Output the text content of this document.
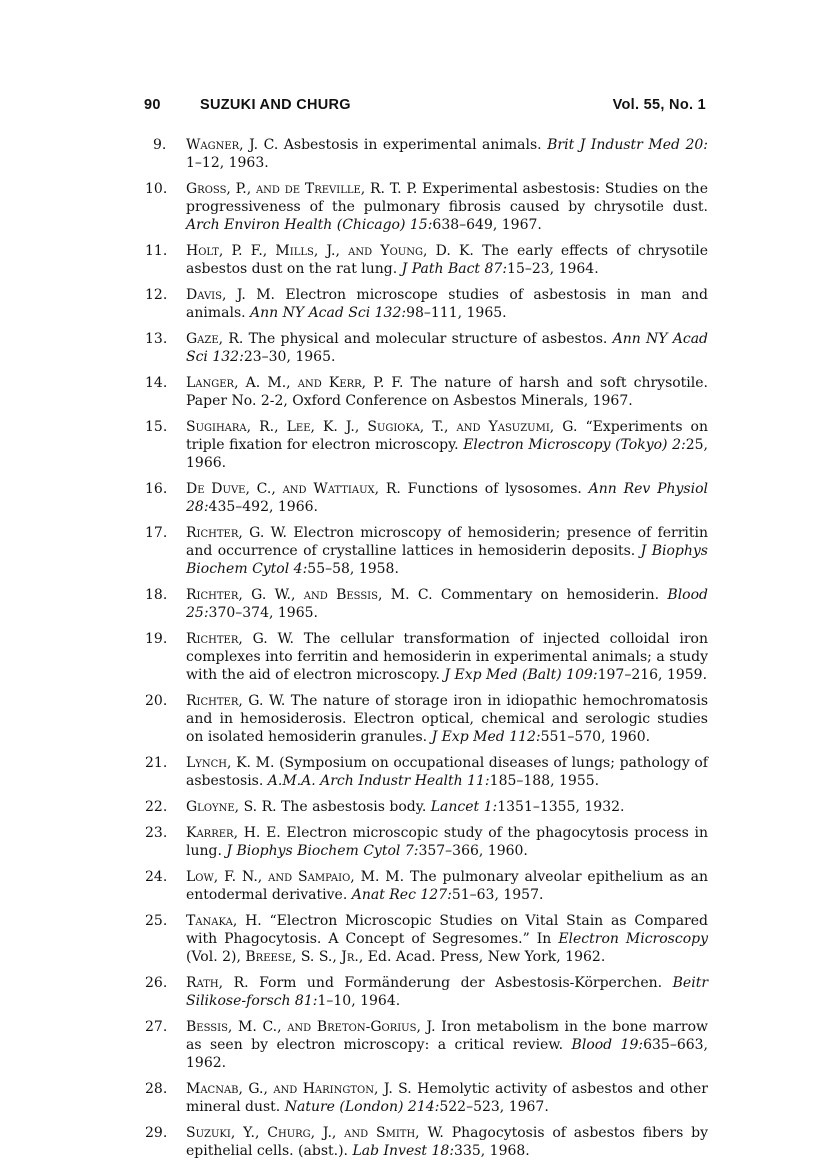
90	SUZUKI AND CHURG	Vol. 55, No. 1
9. Wagner, J. C. Asbestosis in experimental animals. Brit J Industr Med 20: 1–12, 1963.
10. Gross, P., and de Treville, R. T. P. Experimental asbestosis: Studies on the progressiveness of the pulmonary fibrosis caused by chrysotile dust. Arch Environ Health (Chicago) 15:638–649, 1967.
11. Holt, P. F., Mills, J., and Young, D. K. The early effects of chrysotile asbestos dust on the rat lung. J Path Bact 87:15–23, 1964.
12. Davis, J. M. Electron microscope studies of asbestosis in man and animals. Ann NY Acad Sci 132:98–111, 1965.
13. Gaze, R. The physical and molecular structure of asbestos. Ann NY Acad Sci 132:23–30, 1965.
14. Langer, A. M., and Kerr, P. F. The nature of harsh and soft chrysotile. Paper No. 2-2, Oxford Conference on Asbestos Minerals, 1967.
15. Sugihara, R., Lee, K. J., Sugioka, T., and Yasuzumi, G. “Experiments on triple fixation for electron microscopy. Electron Microscopy (Tokyo) 2:25, 1966.
16. De Duve, C., and Wattiaux, R. Functions of lysosomes. Ann Rev Physiol 28:435–492, 1966.
17. Richter, G. W. Electron microscopy of hemosiderin; presence of ferritin and occurrence of crystalline lattices in hemosiderin deposits. J Biophys Biochem Cytol 4:55–58, 1958.
18. Richter, G. W., and Bessis, M. C. Commentary on hemosiderin. Blood 25:370–374, 1965.
19. Richter, G. W. The cellular transformation of injected colloidal iron complexes into ferritin and hemosiderin in experimental animals; a study with the aid of electron microscopy. J Exp Med (Balt) 109:197–216, 1959.
20. Richter, G. W. The nature of storage iron in idiopathic hemochromatosis and in hemosiderosis. Electron optical, chemical and serologic studies on isolated hemosiderin granules. J Exp Med 112:551–570, 1960.
21. Lynch, K. M. (Symposium on occupational diseases of lungs; pathology of asbestosis. A.M.A. Arch Industr Health 11:185–188, 1955.
22. Gloyne, S. R. The asbestosis body. Lancet 1:1351–1355, 1932.
23. Karrer, H. E. Electron microscopic study of the phagocytosis process in lung. J Biophys Biochem Cytol 7:357–366, 1960.
24. Low, F. N., and Sampaio, M. M. The pulmonary alveolar epithelium as an entodermal derivative. Anat Rec 127:51–63, 1957.
25. Tanaka, H. “Electron Microscopic Studies on Vital Stain as Compared with Phagocytosis. A Concept of Segresomes.” In Electron Microscopy (Vol. 2), Breese, S. S., Jr., Ed. Acad. Press, New York, 1962.
26. Rath, R. Form und Formänderung der Asbestosis-Körperchen. Beitr Silikose-forsch 81:1–10, 1964.
27. Bessis, M. C., and Breton-Gorius, J. Iron metabolism in the bone marrow as seen by electron microscopy: a critical review. Blood 19:635–663, 1962.
28. Macnab, G., and Harington, J. S. Hemolytic activity of asbestos and other mineral dust. Nature (London) 214:522–523, 1967.
29. Suzuki, Y., Churg, J., and Smith, W. Phagocytosis of asbestos fibers by epithelial cells. (abst.). Lab Invest 18:335, 1968.
